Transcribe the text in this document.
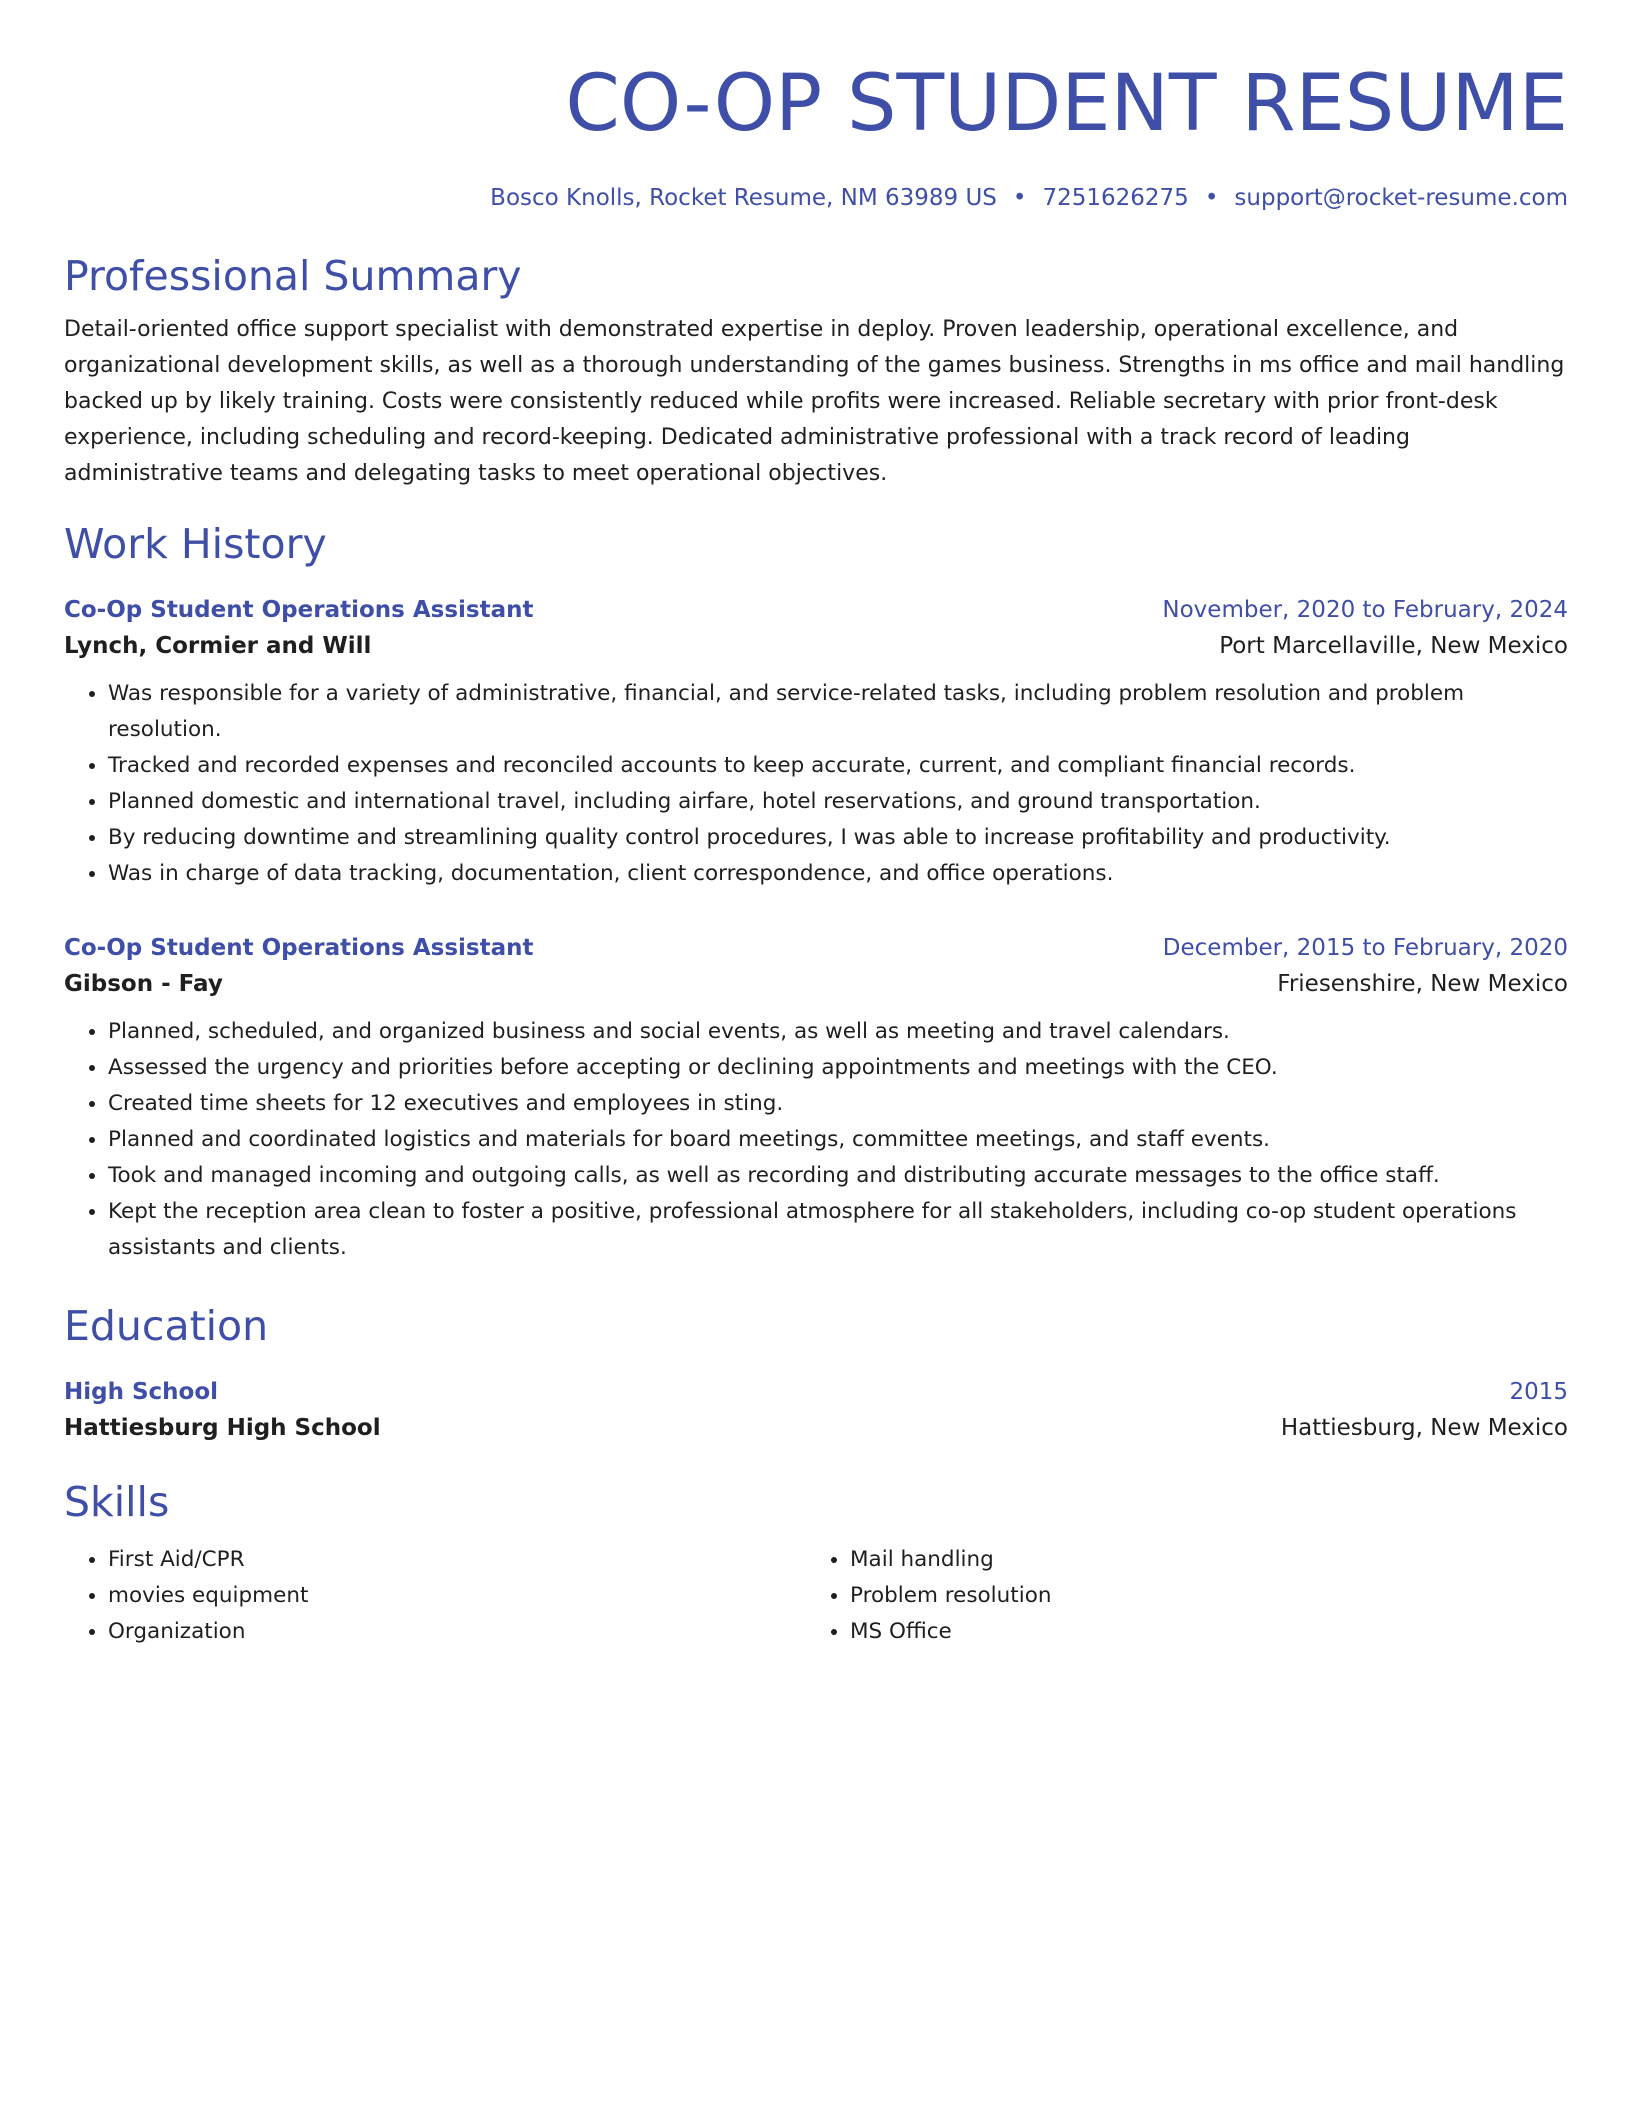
CO-OP STUDENT RESUME
Bosco Knolls, Rocket Resume, NM 63989 US • 7251626275 • support@rocket-resume.com
Professional Summary
Detail-oriented office support specialist with demonstrated expertise in deploy. Proven leadership, operational excellence, and organizational development skills, as well as a thorough understanding of the games business. Strengths in ms office and mail handling backed up by likely training. Costs were consistently reduced while profits were increased. Reliable secretary with prior front-desk experience, including scheduling and record-keeping. Dedicated administrative professional with a track record of leading administrative teams and delegating tasks to meet operational objectives.
Work History
Co-Op Student Operations Assistant	November, 2020 to February, 2024
Lynch, Cormier and Will	Port Marcellaville, New Mexico
• Was responsible for a variety of administrative, financial, and service-related tasks, including problem resolution and problem resolution.
• Tracked and recorded expenses and reconciled accounts to keep accurate, current, and compliant financial records.
• Planned domestic and international travel, including airfare, hotel reservations, and ground transportation.
• By reducing downtime and streamlining quality control procedures, I was able to increase profitability and productivity.
• Was in charge of data tracking, documentation, client correspondence, and office operations.
Co-Op Student Operations Assistant	December, 2015 to February, 2020
Gibson - Fay	Friesenshire, New Mexico
• Planned, scheduled, and organized business and social events, as well as meeting and travel calendars.
• Assessed the urgency and priorities before accepting or declining appointments and meetings with the CEO.
• Created time sheets for 12 executives and employees in sting.
• Planned and coordinated logistics and materials for board meetings, committee meetings, and staff events.
• Took and managed incoming and outgoing calls, as well as recording and distributing accurate messages to the office staff.
• Kept the reception area clean to foster a positive, professional atmosphere for all stakeholders, including co-op student operations assistants and clients.
Education
High School	2015
Hattiesburg High School	Hattiesburg, New Mexico
Skills
• First Aid/CPR
• movies equipment
• Organization
• Mail handling
• Problem resolution
• MS Office
